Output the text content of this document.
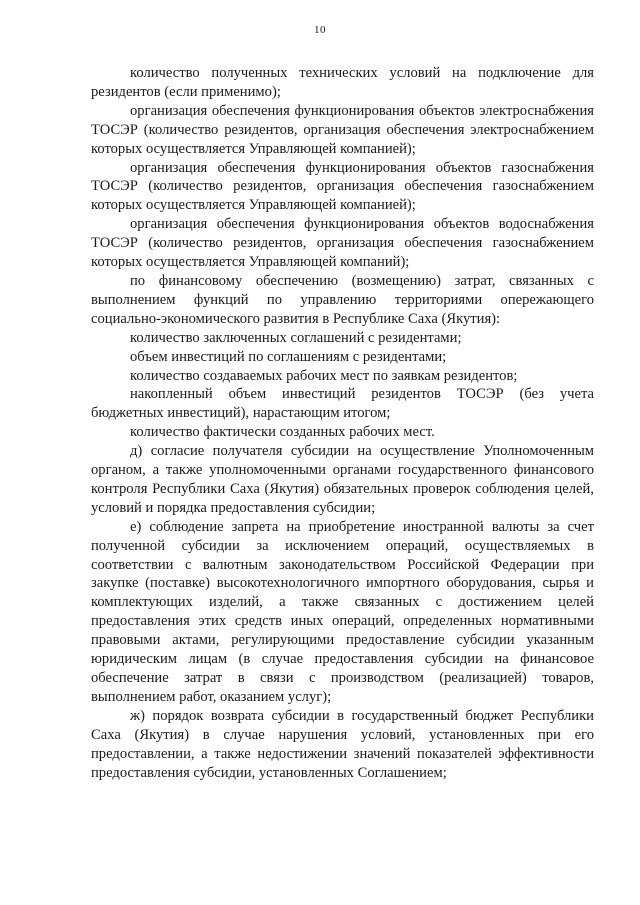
10

количество полученных технических условий на подключение для резидентов (если применимо);

организация обеспечения функционирования объектов электроснабжения ТОСЭР (количество резидентов, организация обеспечения электроснабжением которых осуществляется Управляющей компанией);

организация обеспечения функционирования объектов газоснабжения ТОСЭР (количество резидентов, организация обеспечения газоснабжением которых осуществляется Управляющей компанией);

организация обеспечения функционирования объектов водоснабжения ТОСЭР (количество резидентов, организация обеспечения газоснабжением которых осуществляется Управляющей компаний);

по финансовому обеспечению (возмещению) затрат, связанных с выполнением функций по управлению территориями опережающего социально-экономического развития в Республике Саха (Якутия):

количество заключенных соглашений с резидентами;

объем инвестиций по соглашениям с резидентами;

количество создаваемых рабочих мест по заявкам резидентов;

накопленный объем инвестиций резидентов ТОСЭР (без учета бюджетных инвестиций), нарастающим итогом;

количество фактически созданных рабочих мест.

д) согласие получателя субсидии на осуществление Уполномоченным органом, а также уполномоченными органами государственного финансового контроля Республики Саха (Якутия) обязательных проверок соблюдения целей, условий и порядка предоставления субсидии;

е) соблюдение запрета на приобретение иностранной валюты за счет полученной субсидии за исключением операций, осуществляемых в соответствии с валютным законодательством Российской Федерации при закупке (поставке) высокотехнологичного импортного оборудования, сырья и комплектующих изделий, а также связанных с достижением целей предоставления этих средств иных операций, определенных нормативными правовыми актами, регулирующими предоставление субсидии указанным юридическим лицам (в случае предоставления субсидии на финансовое обеспечение затрат в связи с производством (реализацией) товаров, выполнением работ, оказанием услуг);

ж) порядок возврата субсидии в государственный бюджет Республики Саха (Якутия) в случае нарушения условий, установленных при его предоставлении, а также недостижении значений показателей эффективности предоставления субсидии, установленных Соглашением;
